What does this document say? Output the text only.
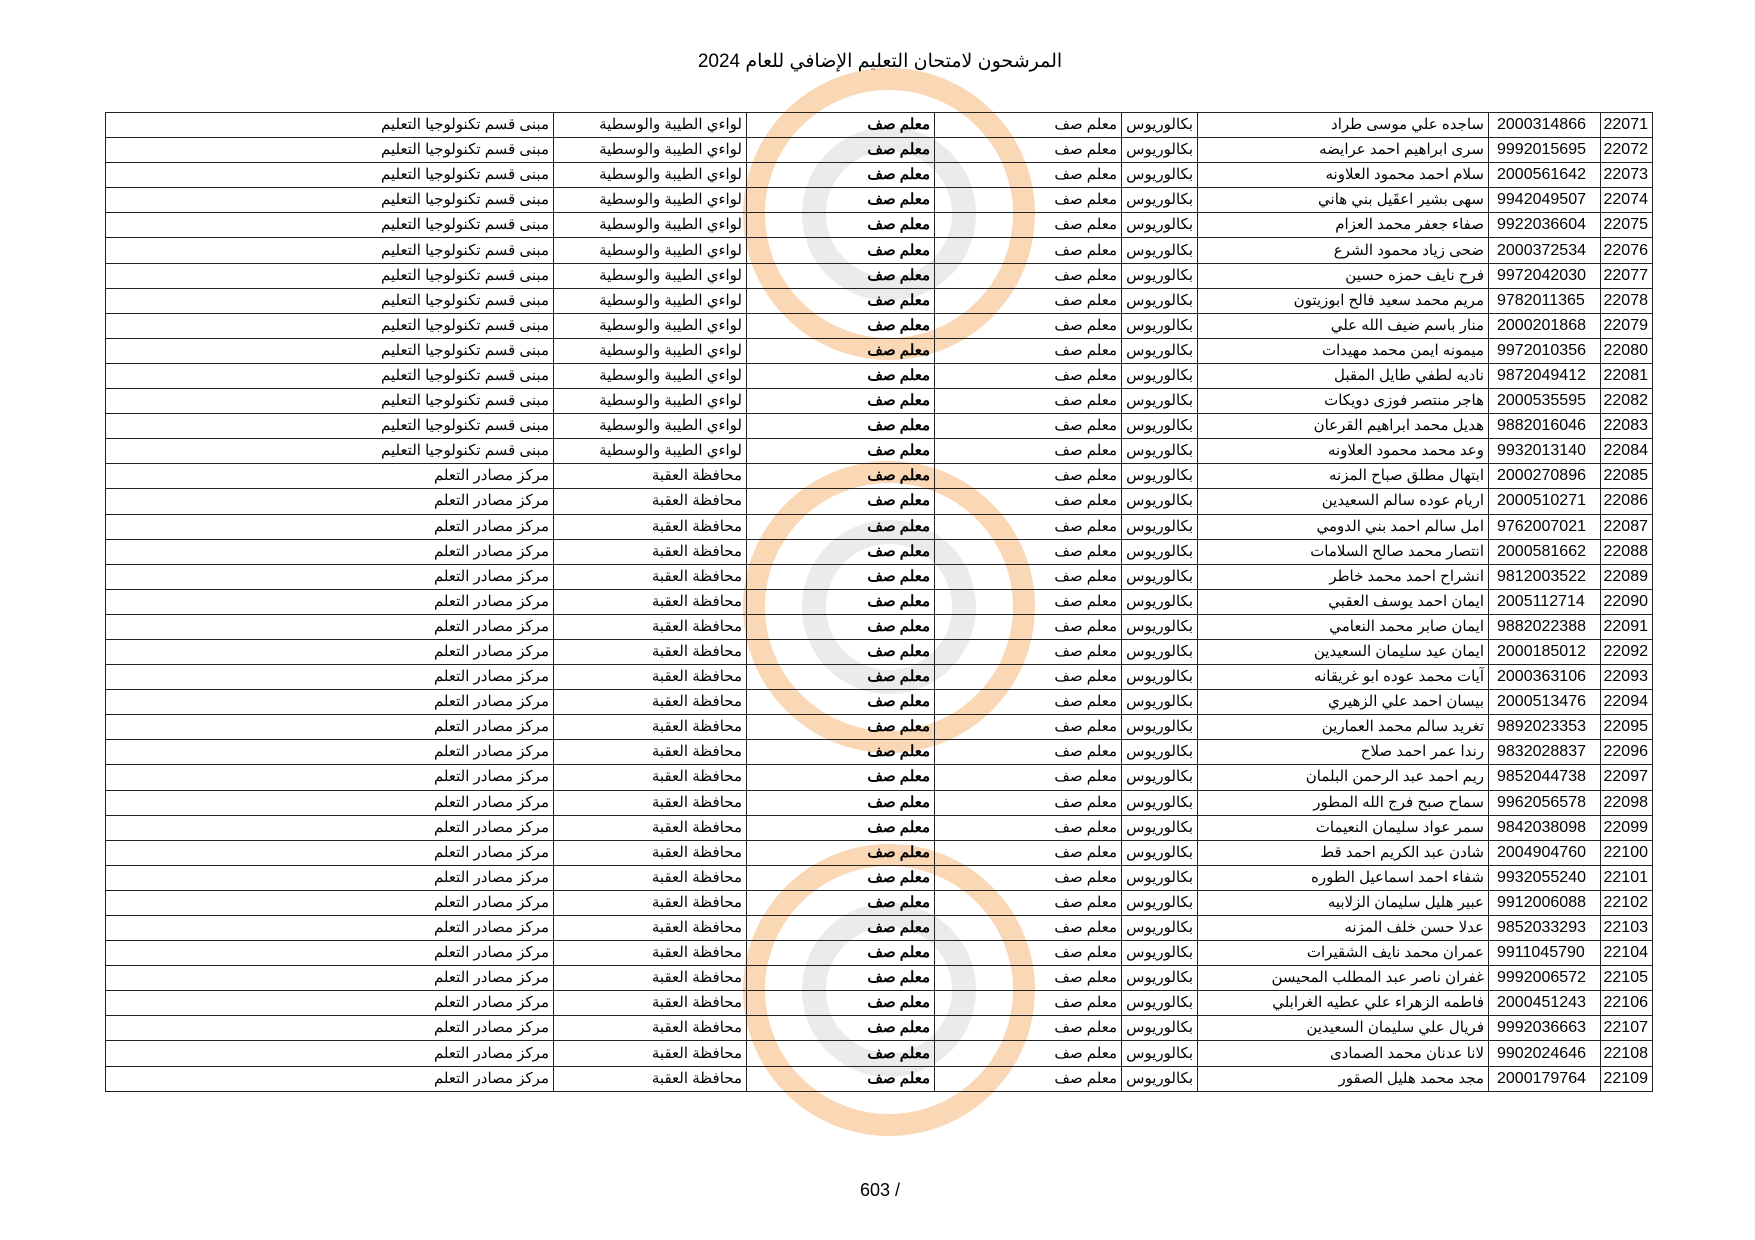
المرشحون لامتحان التعليم الإضافي للعام 2024
22071	2000314866	ساجده علي موسى طراد	بكالوريوس	معلم صف	معلم صف	لواءي الطيبة والوسطية	مبنى قسم تكنولوجيا التعليم
22072	9992015695	سرى ابراهيم احمد عرايضه	بكالوريوس	معلم صف	معلم صف	لواءي الطيبة والوسطية	مبنى قسم تكنولوجيا التعليم
22073	2000561642	سلام احمد محمود العلاونه	بكالوريوس	معلم صف	معلم صف	لواءي الطيبة والوسطية	مبنى قسم تكنولوجيا التعليم
22074	9942049507	سهى بشير اعقَيل بني هاني	بكالوريوس	معلم صف	معلم صف	لواءي الطيبة والوسطية	مبنى قسم تكنولوجيا التعليم
22075	9922036604	صفاء جعفر محمد العزام	بكالوريوس	معلم صف	معلم صف	لواءي الطيبة والوسطية	مبنى قسم تكنولوجيا التعليم
22076	2000372534	ضحى زياد محمود الشرع	بكالوريوس	معلم صف	معلم صف	لواءي الطيبة والوسطية	مبنى قسم تكنولوجيا التعليم
22077	9972042030	فرح نايف حمزه حسين	بكالوريوس	معلم صف	معلم صف	لواءي الطيبة والوسطية	مبنى قسم تكنولوجيا التعليم
22078	9782011365	مريم محمد سعيد فالح ابوزيتون	بكالوريوس	معلم صف	معلم صف	لواءي الطيبة والوسطية	مبنى قسم تكنولوجيا التعليم
22079	2000201868	منار باسم ضيف الله علي	بكالوريوس	معلم صف	معلم صف	لواءي الطيبة والوسطية	مبنى قسم تكنولوجيا التعليم
22080	9972010356	ميمونه ايمن محمد مهيدات	بكالوريوس	معلم صف	معلم صف	لواءي الطيبة والوسطية	مبنى قسم تكنولوجيا التعليم
22081	9872049412	ناديه لطفي طايل المقبل	بكالوريوس	معلم صف	معلم صف	لواءي الطيبة والوسطية	مبنى قسم تكنولوجيا التعليم
22082	2000535595	هاجر منتصر فوزى دويكات	بكالوريوس	معلم صف	معلم صف	لواءي الطيبة والوسطية	مبنى قسم تكنولوجيا التعليم
22083	9882016046	هديل محمد ابراهيم القرعان	بكالوريوس	معلم صف	معلم صف	لواءي الطيبة والوسطية	مبنى قسم تكنولوجيا التعليم
22084	9932013140	وعد محمد محمود العلاونه	بكالوريوس	معلم صف	معلم صف	لواءي الطيبة والوسطية	مبنى قسم تكنولوجيا التعليم
22085	2000270896	ابتهال مطلق صباح المزنه	بكالوريوس	معلم صف	معلم صف	محافظة العقبة	مركز مصادر التعلم
22086	2000510271	اريام عوده سالم السعيدين	بكالوريوس	معلم صف	معلم صف	محافظة العقبة	مركز مصادر التعلم
22087	9762007021	امل سالم احمد بني الدومي	بكالوريوس	معلم صف	معلم صف	محافظة العقبة	مركز مصادر التعلم
22088	2000581662	انتصار محمد صالح السلامات	بكالوريوس	معلم صف	معلم صف	محافظة العقبة	مركز مصادر التعلم
22089	9812003522	انشراح احمد محمد خاطر	بكالوريوس	معلم صف	معلم صف	محافظة العقبة	مركز مصادر التعلم
22090	2005112714	ايمان احمد يوسف العقبي	بكالوريوس	معلم صف	معلم صف	محافظة العقبة	مركز مصادر التعلم
22091	9882022388	ايمان صابر محمد النعامي	بكالوريوس	معلم صف	معلم صف	محافظة العقبة	مركز مصادر التعلم
22092	2000185012	ايمان عيد سليمان السعيدين	بكالوريوس	معلم صف	معلم صف	محافظة العقبة	مركز مصادر التعلم
22093	2000363106	آيات محمد عوده ابو غريقانه	بكالوريوس	معلم صف	معلم صف	محافظة العقبة	مركز مصادر التعلم
22094	2000513476	بيسان احمد علي الزهيري	بكالوريوس	معلم صف	معلم صف	محافظة العقبة	مركز مصادر التعلم
22095	9892023353	تغريد سالم محمد العمارين	بكالوريوس	معلم صف	معلم صف	محافظة العقبة	مركز مصادر التعلم
22096	9832028837	رندا عمر احمد صلاح	بكالوريوس	معلم صف	معلم صف	محافظة العقبة	مركز مصادر التعلم
22097	9852044738	ريم احمد عبد الرحمن البلمان	بكالوريوس	معلم صف	معلم صف	محافظة العقبة	مركز مصادر التعلم
22098	9962056578	سماح صبح فرج الله المطور	بكالوريوس	معلم صف	معلم صف	محافظة العقبة	مركز مصادر التعلم
22099	9842038098	سمر عواد سليمان النعيمات	بكالوريوس	معلم صف	معلم صف	محافظة العقبة	مركز مصادر التعلم
22100	2004904760	شادن عبد الكريم احمد قط	بكالوريوس	معلم صف	معلم صف	محافظة العقبة	مركز مصادر التعلم
22101	9932055240	شفاء احمد اسماعيل الطوره	بكالوريوس	معلم صف	معلم صف	محافظة العقبة	مركز مصادر التعلم
22102	9912006088	عبير هليل سليمان الزلابيه	بكالوريوس	معلم صف	معلم صف	محافظة العقبة	مركز مصادر التعلم
22103	9852033293	عدلا حسن خلف المزنه	بكالوريوس	معلم صف	معلم صف	محافظة العقبة	مركز مصادر التعلم
22104	9911045790	عمران محمد نايف الشقيرات	بكالوريوس	معلم صف	معلم صف	محافظة العقبة	مركز مصادر التعلم
22105	9992006572	غفران ناصر عبد المطلب المحيسن	بكالوريوس	معلم صف	معلم صف	محافظة العقبة	مركز مصادر التعلم
22106	2000451243	فاطمه الزهراء علي عطيه الغرابلي	بكالوريوس	معلم صف	معلم صف	محافظة العقبة	مركز مصادر التعلم
22107	9992036663	فريال علي سليمان السعيدين	بكالوريوس	معلم صف	معلم صف	محافظة العقبة	مركز مصادر التعلم
22108	9902024646	لانا عدنان محمد الصمادى	بكالوريوس	معلم صف	معلم صف	محافظة العقبة	مركز مصادر التعلم
22109	2000179764	مجد محمد هليل الصقور	بكالوريوس	معلم صف	معلم صف	محافظة العقبة	مركز مصادر التعلم
603 /
